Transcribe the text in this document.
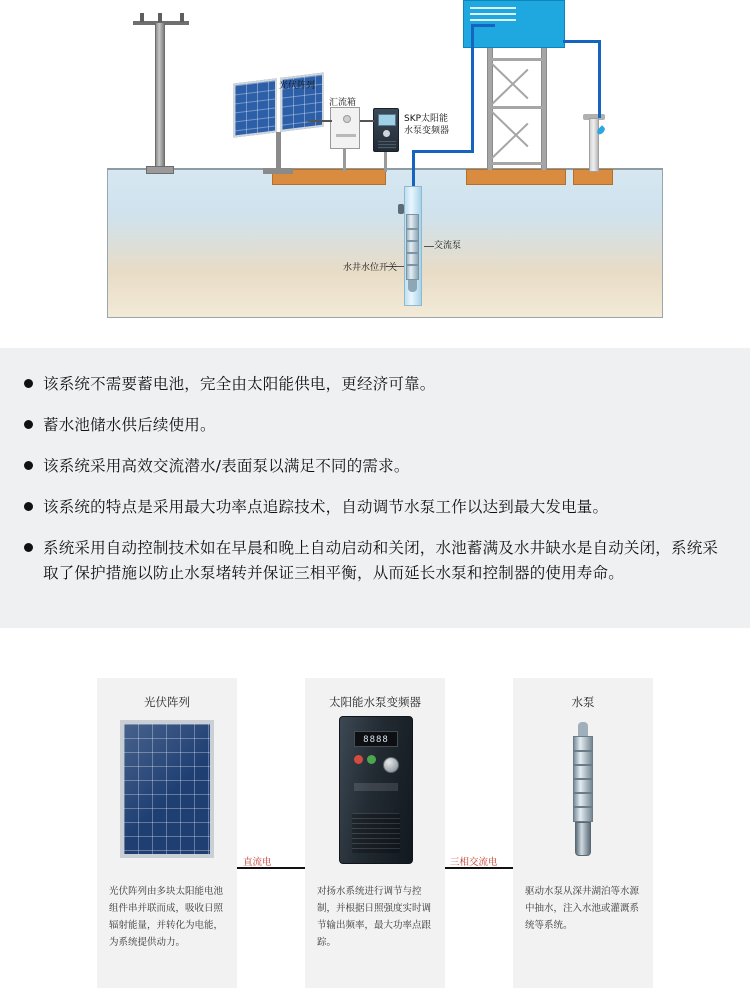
光伏阵列
汇流箱
SKP太阳能
水泵变频器
水井水位开关
交流泵
该系统不需要蓄电池，完全由太阳能供电，更经济可靠。
蓄水池储水供后续使用。
该系统采用高效交流潜水/表面泵以满足不同的需求。
该系统的特点是采用最大功率点追踪技术，自动调节水泵工作以达到最大发电量。
系统采用自动控制技术如在早晨和晚上自动启动和关闭，水池蓄满及水井缺水是自动关闭，系统采取了保护措施以防止水泵堵转并保证三相平衡，从而延长水泵和控制器的使用寿命。
直流电	三相交流电
光伏阵列
光伏阵列由多块太阳能电池组件串并联而成，吸收日照辐射能量，并转化为电能，为系统提供动力。
太阳能水泵变频器
8888
对扬水系统进行调节与控制，并根据日照强度实时调节输出频率，最大功率点跟踪。
水泵
驱动水泵从深井湖泊等水源中抽水，注入水池或灌溉系统等系统。
